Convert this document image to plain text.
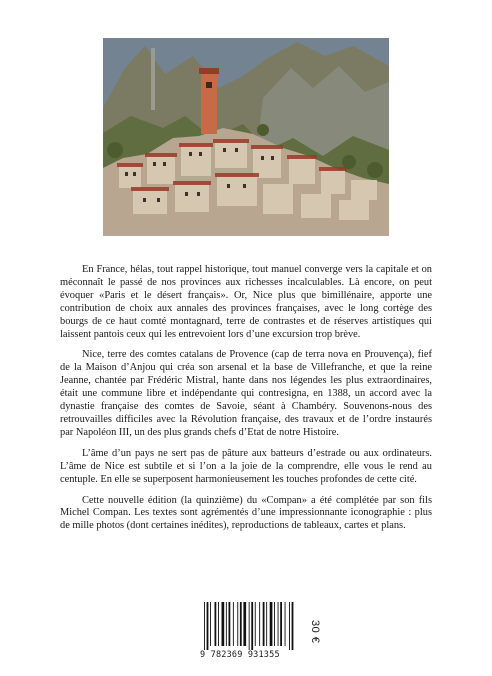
En France, hélas, tout rappel historique, tout manuel converge vers la capitale et on méconnaît le passé de nos provinces aux richesses incalculables. Là encore, on peut évoquer «Paris et le désert français». Or, Nice plus que bimillénaire, apporte une contribution de choix aux annales des provinces françaises, avec le long cortège des bourgs de ce haut comté montagnard, terre de contrastes et de réserves artistiques qui laissent pantois ceux qui les entrevoient lors d’une excursion trop brève.

Nice, terre des comtes catalans de Provence (cap de terra nova en Prouvença), fief de la Maison d’Anjou qui créa son arsenal et la base de Villefranche, et que la reine Jeanne, chantée par Frédéric Mistral, hante dans nos légendes les plus extraordinaires, était une commune libre et indépendante qui contresigna, en 1388, un accord avec la dynastie française des comtes de Savoie, séant à Chambéry. Souvenons-nous des retrouvailles difficiles avec la Révolution française, des travaux et de l’ordre instaurés par Napoléon III, un des plus grands chefs d’Etat de notre Histoire.

L’âme d’un pays ne sert pas de pâture aux batteurs d’estrade ou aux ordinateurs. L’âme de Nice est subtile et si l’on a la joie de la comprendre, elle vous le rend au centuple. En elle se superposent harmonieusement les touches profondes de cette cité.

Cette nouvelle édition (la quinzième) du «Compan» a été complétée par son fils Michel Compan. Les textes sont agrémentés d’une impressionnante iconographie : plus de mille photos (dont certaines inédites), reproductions de tableaux, cartes et plans.

9 782369 931355
30 €
